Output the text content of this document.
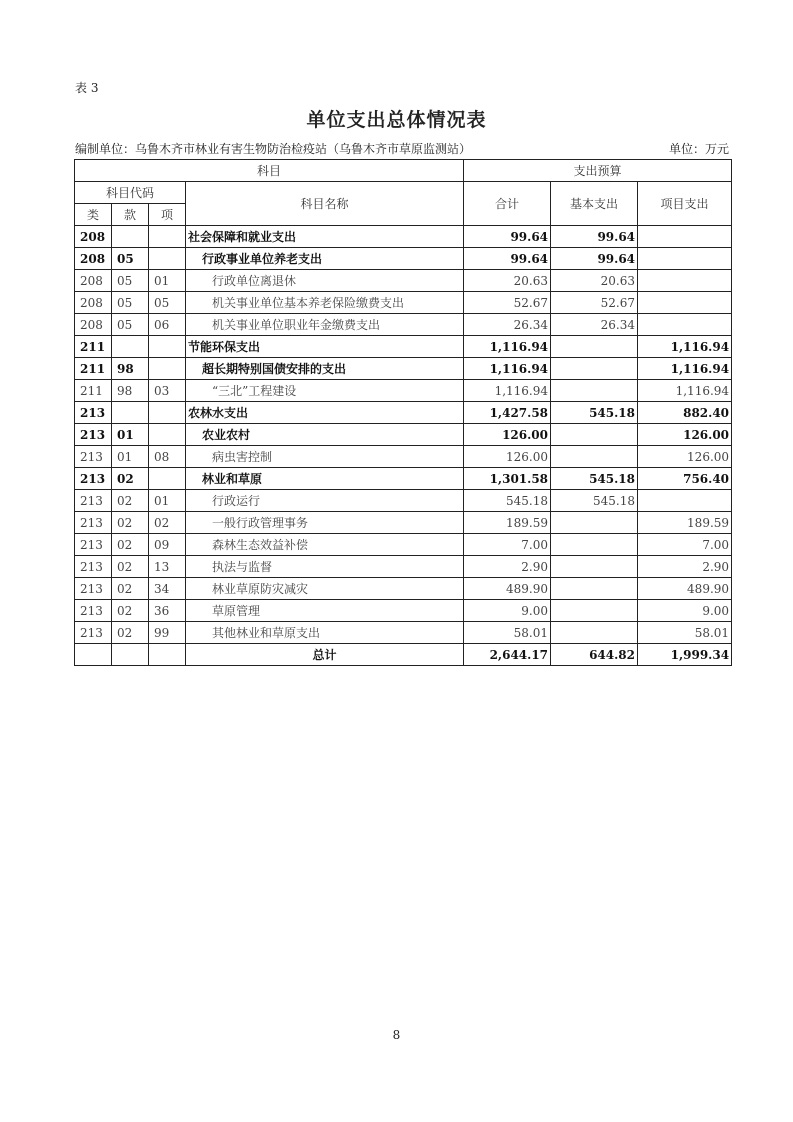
表 3
单位支出总体情况表
编制单位：乌鲁木齐市林业有害生物防治检疫站（乌鲁木齐市草原监测站）	单位：万元
科目				支出预算		
科目代码			科目名称	合计	基本支出	项目支出
类	款	项				
208			社会保障和就业支出	99.64	99.64	
208	05		行政事业单位养老支出	99.64	99.64	
208	05	01	行政单位离退休	20.63	20.63	
208	05	05	机关事业单位基本养老保险缴费支出	52.67	52.67	
208	05	06	机关事业单位职业年金缴费支出	26.34	26.34	
211			节能环保支出	1,116.94		1,116.94
211	98		超长期特别国债安排的支出	1,116.94		1,116.94
211	98	03	“三北”工程建设	1,116.94		1,116.94
213			农林水支出	1,427.58	545.18	882.40
213	01		农业农村	126.00		126.00
213	01	08	病虫害控制	126.00		126.00
213	02		林业和草原	1,301.58	545.18	756.40
213	02	01	行政运行	545.18	545.18	
213	02	02	一般行政管理事务	189.59		189.59
213	02	09	森林生态效益补偿	7.00		7.00
213	02	13	执法与监督	2.90		2.90
213	02	34	林业草原防灾减灾	489.90		489.90
213	02	36	草原管理	9.00		9.00
213	02	99	其他林业和草原支出	58.01		58.01
			总计	2,644.17	644.82	1,999.34
8
